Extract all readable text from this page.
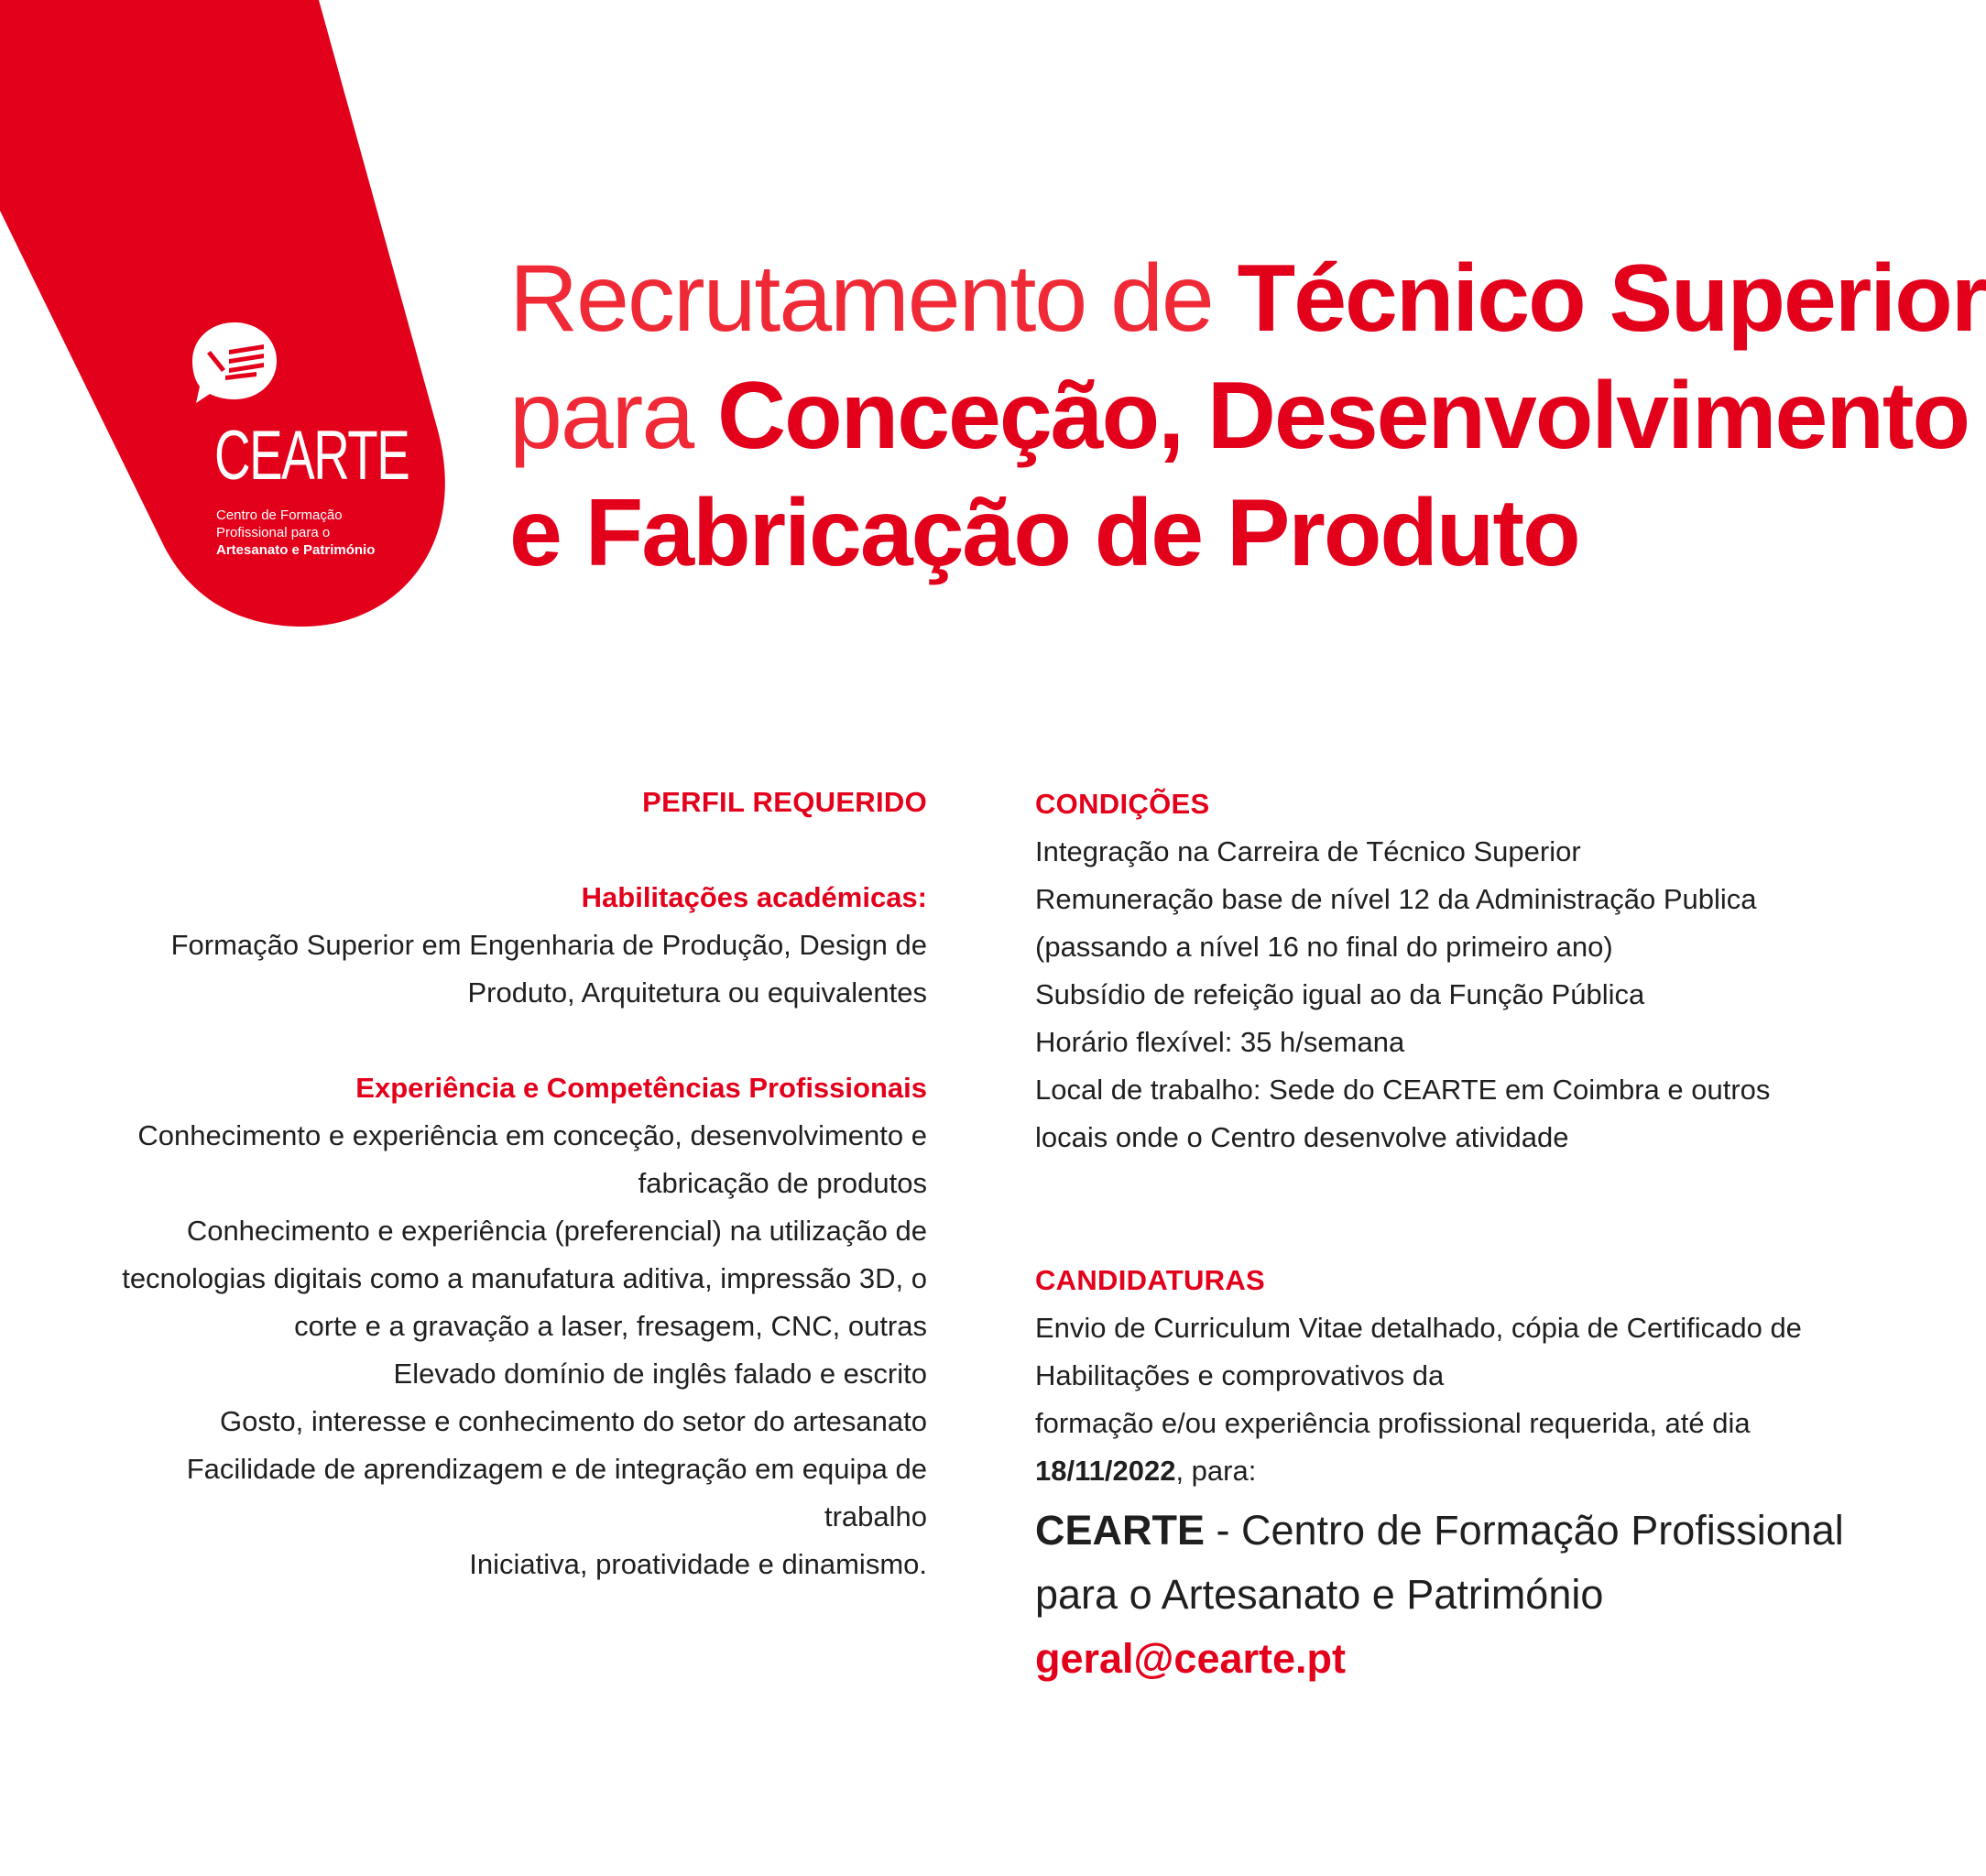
CEARTE
Centro de Formação
Profissional para o
Artesanato e Património
Recrutamento de Técnico Superior
para Conceção, Desenvolvimento
e Fabricação de Produto

PERFIL REQUERIDO

Habilitações académicas:

Formação Superior em Engenharia de Produção, Design de Produto, Arquitetura ou equivalentes

Experiência e Competências Profissionais

Conhecimento e experiência em conceção, desenvolvimento e fabricação de produtos

Conhecimento e experiência (preferencial) na utilização de tecnologias digitais como a manufatura aditiva, impressão 3D, o corte e a gravação a laser, fresagem, CNC, outras

Elevado domínio de inglês falado e escrito

Gosto, interesse e conhecimento do setor do artesanato

Facilidade de aprendizagem e de integração em equipa de trabalho

Iniciativa, proatividade e dinamismo.

CONDIÇÕES

Integração na Carreira de Técnico Superior
Remuneração base de nível 12 da Administração Publica
(passando a nível 16 no final do primeiro ano)
Subsídio de refeição igual ao da Função Pública
Horário flexível: 35 h/semana
Local de trabalho: Sede do CEARTE em Coimbra e outros
locais onde o Centro desenvolve atividade

CANDIDATURAS

Envio de Curriculum Vitae detalhado, cópia de Certificado de
Habilitações e comprovativos da
formação e/ou experiência profissional requerida, até dia
18/11/2022, para:
CEARTE - Centro de Formação Profissional
para o Artesanato e Património
geral@cearte.pt
